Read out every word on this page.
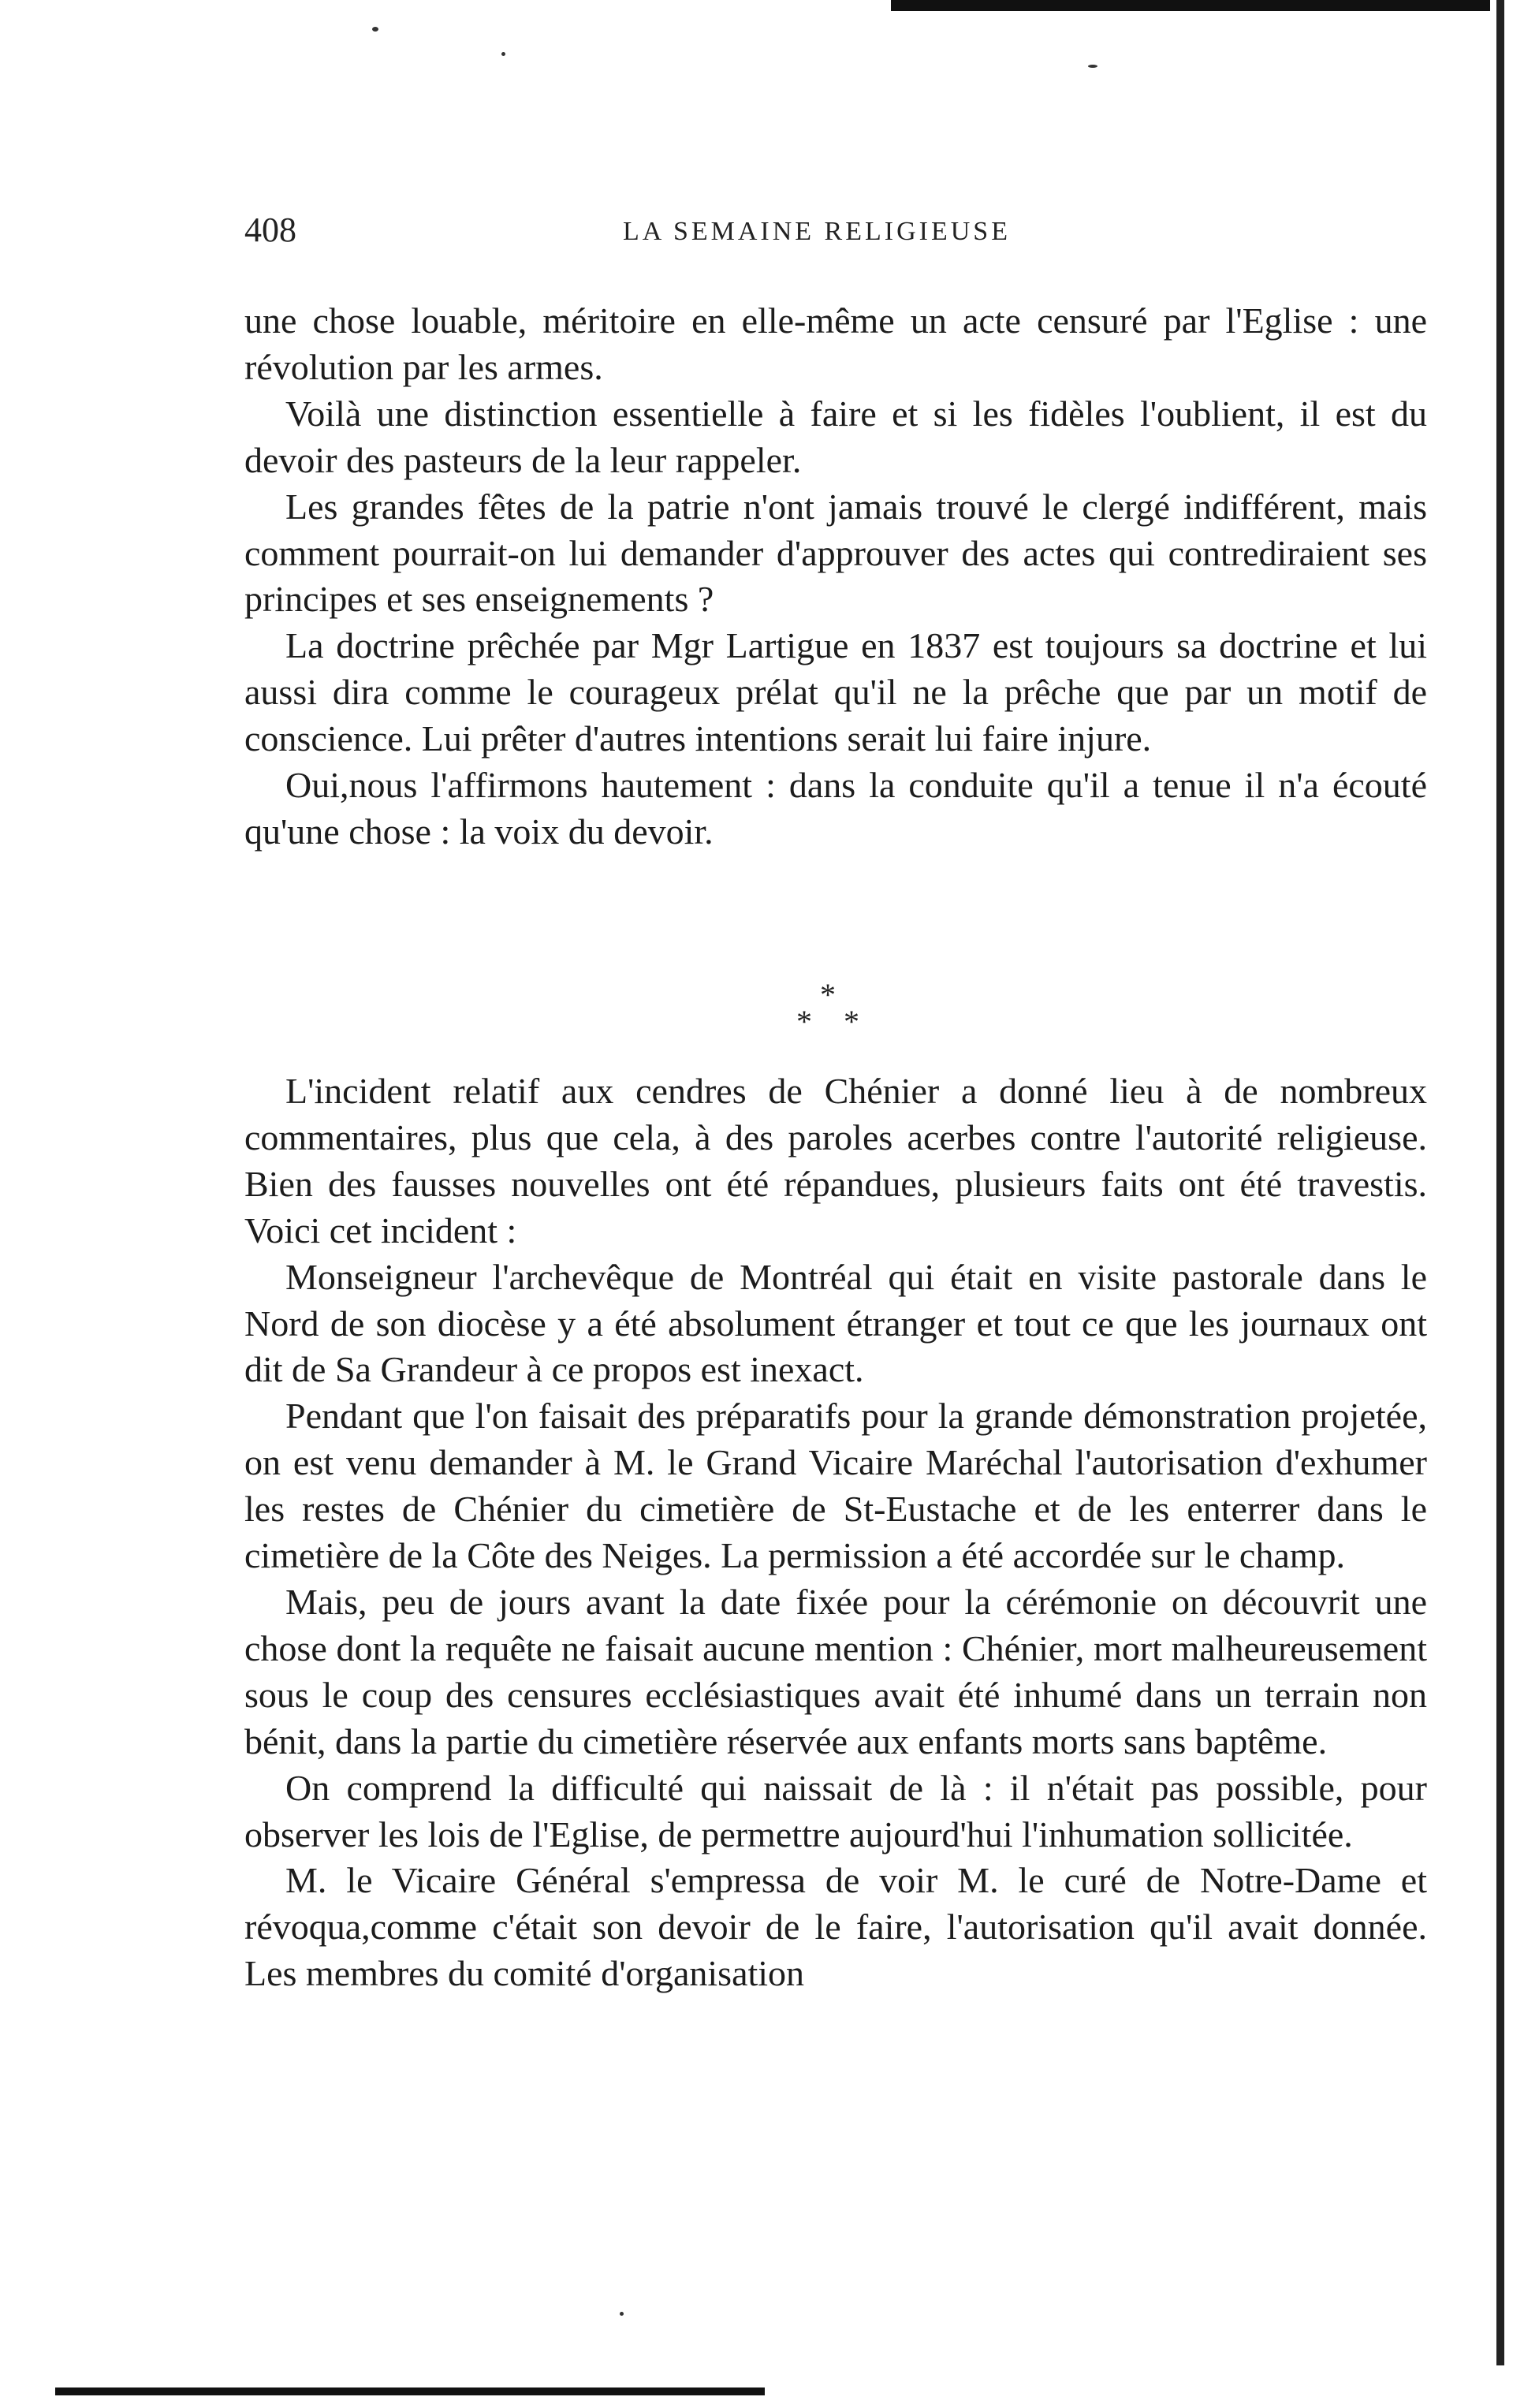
408	LA SEMAINE RELIGIEUSE

une chose louable, méritoire en elle-même un acte censuré par l'Eglise : une révolution par les armes.

Voilà une distinction essentielle à faire et si les fidèles l'oublient, il est du devoir des pasteurs de la leur rappeler.

Les grandes fêtes de la patrie n'ont jamais trouvé le clergé indifférent, mais comment pourrait-on lui demander d'approuver des actes qui contrediraient ses principes et ses enseignements ?

La doctrine prêchée par Mgr Lartigue en 1837 est toujours sa doctrine et lui aussi dira comme le courageux prélat qu'il ne la prêche que par un motif de conscience. Lui prêter d'autres intentions serait lui faire injure.

Oui,nous l'affirmons hautement : dans la conduite qu'il a tenue il n'a écouté qu'une chose : la voix du devoir.

*
* *

L'incident relatif aux cendres de Chénier a donné lieu à de nombreux commentaires, plus que cela, à des paroles acerbes contre l'autorité religieuse. Bien des fausses nouvelles ont été répandues, plusieurs faits ont été travestis. Voici cet incident :

Monseigneur l'archevêque de Montréal qui était en visite pastorale dans le Nord de son diocèse y a été absolument étranger et tout ce que les journaux ont dit de Sa Grandeur à ce propos est inexact.

Pendant que l'on faisait des préparatifs pour la grande démonstration projetée, on est venu demander à M. le Grand Vicaire Maréchal l'autorisation d'exhumer les restes de Chénier du cimetière de St-Eustache et de les enterrer dans le cimetière de la Côte des Neiges. La permission a été accordée sur le champ.

Mais, peu de jours avant la date fixée pour la cérémonie on découvrit une chose dont la requête ne faisait aucune mention : Chénier, mort malheureusement sous le coup des censures ecclésiastiques avait été inhumé dans un terrain non bénit, dans la partie du cimetière réservée aux enfants morts sans baptême.

On comprend la difficulté qui naissait de là : il n'était pas possible, pour observer les lois de l'Eglise, de permettre aujourd'hui l'inhumation sollicitée.

M. le Vicaire Général s'empressa de voir M. le curé de Notre-Dame et révoqua,comme c'était son devoir de le faire, l'autorisation qu'il avait donnée. Les membres du comité d'organisation
